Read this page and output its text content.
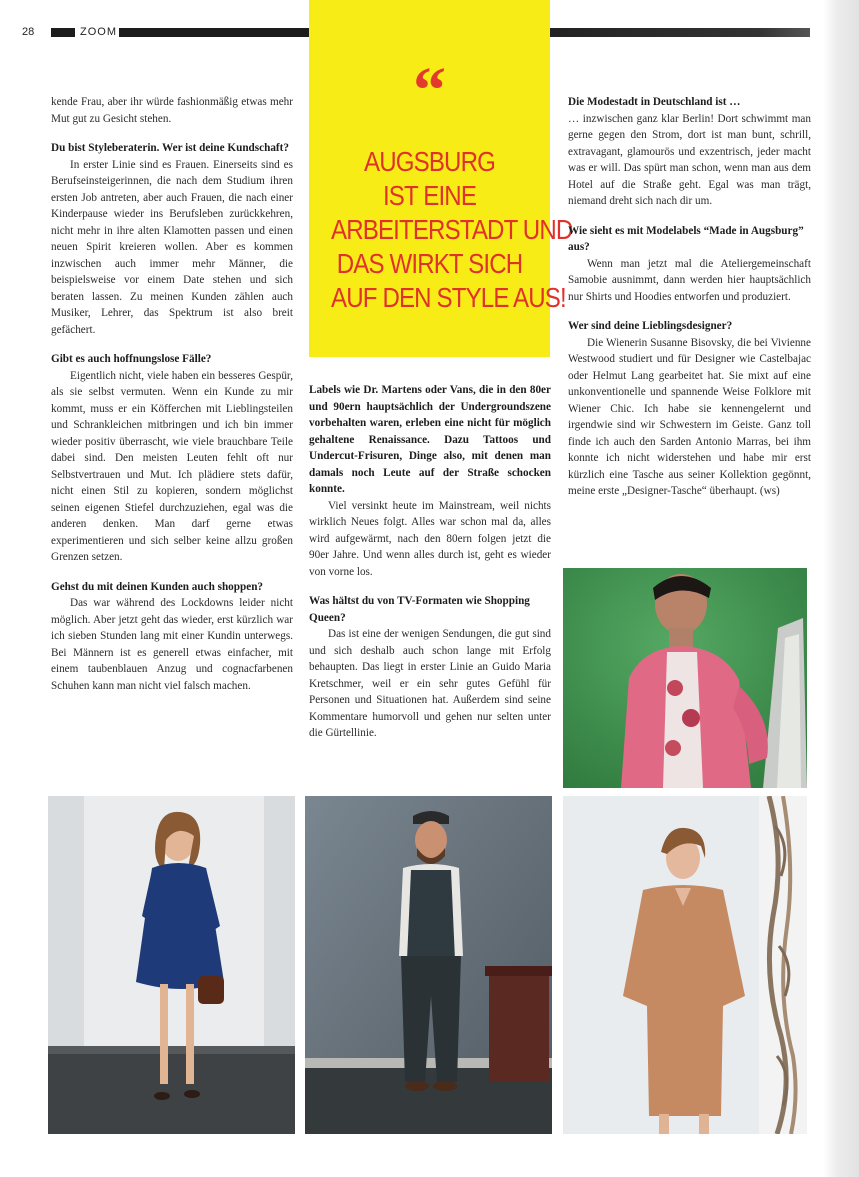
28	ZOOM
“
AUGSBURG
IST EINE
ARBEITERSTADT UND
DAS WIRKT SICH
AUF DEN STYLE AUS!

kende Frau, aber ihr würde fashionmäßig etwas mehr Mut gut zu Gesicht stehen.

Du bist Styleberaterin. Wer ist deine Kundschaft?

In erster Linie sind es Frauen. Einerseits sind es Berufseinsteigerinnen, die nach dem Studium ihren ersten Job antreten, aber auch Frauen, die nach einer Kinderpause wieder ins Berufsleben zurückkehren, nicht mehr in ihre alten Klamotten passen und einen neuen Spirit kreieren wollen. Aber es kommen inzwischen auch immer mehr Männer, die beispielsweise vor einem Date stehen und sich beraten lassen. Zu meinen Kunden zählen auch Musiker, Lehrer, das Spektrum ist also breit gefächert.

Gibt es auch hoffnungslose Fälle?

Eigentlich nicht, viele haben ein besseres Gespür, als sie selbst vermuten. Wenn ein Kunde zu mir kommt, muss er ein Köfferchen mit Lieblingsteilen und Schrankleichen mitbringen und ich bin immer wieder positiv überrascht, wie viele brauchbare Teile dabei sind. Den meisten Leuten fehlt oft nur Selbstvertrauen und Mut. Ich plädiere stets dafür, nicht einen Stil zu kopieren, sondern möglichst seinen eigenen Stiefel durchzuziehen, egal was die anderen denken. Man darf gerne etwas experimentieren und sich selber keine allzu großen Grenzen setzen.

Gehst du mit deinen Kunden auch shoppen?

Das war während des Lockdowns leider nicht möglich. Aber jetzt geht das wieder, erst kürzlich war ich sieben Stunden lang mit einer Kundin unterwegs. Bei Männern ist es generell etwas einfacher, mit einem taubenblauen Anzug und cognacfarbenen Schuhen kann man nicht viel falsch machen.

Labels wie Dr. Martens oder Vans, die in den 80er und 90ern hauptsächlich der Undergroundszene vorbehalten waren, erleben eine nicht für möglich gehaltene Renaissance. Dazu Tattoos und Undercut-Frisuren, Dinge also, mit denen man damals noch Leute auf der Straße schocken konnte.

Viel versinkt heute im Mainstream, weil nichts wirklich Neues folgt. Alles war schon mal da, alles wird aufgewärmt, nach den 80ern folgen jetzt die 90er Jahre. Und wenn alles durch ist, geht es wieder von vorne los.

Was hältst du von TV-Formaten wie Shopping Queen?

Das ist eine der wenigen Sendungen, die gut sind und sich deshalb auch schon lange mit Erfolg behaupten. Das liegt in erster Linie an Guido Maria Kretschmer, weil er ein sehr gutes Gefühl für Personen und Situationen hat. Außerdem sind seine Kommentare humorvoll und gehen nur selten unter die Gürtellinie.

Die Modestadt in Deutschland ist …

… inzwischen ganz klar Berlin! Dort schwimmt man gerne gegen den Strom, dort ist man bunt, schrill, extravagant, glamourös und exzentrisch, jeder macht was er will. Das spürt man schon, wenn man aus dem Hotel auf die Straße geht. Egal was man trägt, niemand dreht sich nach dir um.

Wie sieht es mit Modelabels “Made in Augsburg” aus?

Wenn man jetzt mal die Ateliergemeinschaft Samobie ausnimmt, dann werden hier hauptsächlich nur Shirts und Hoodies entworfen und produziert.

Wer sind deine Lieblingsdesigner?

Die Wienerin Susanne Bisovsky, die bei Vivienne Westwood studiert und für Designer wie Castelbajac oder Helmut Lang gearbeitet hat. Sie mixt auf eine unkonventionelle und spannende Weise Folklore mit Wiener Chic. Ich habe sie kennengelernt und irgendwie sind wir Schwestern im Geiste. Ganz toll finde ich auch den Sarden Antonio Marras, bei ihm konnte ich nicht widerstehen und habe mir erst kürzlich eine Tasche aus seiner Kollektion gegönnt, meine erste „Designer-Tasche“ überhaupt. (ws)
